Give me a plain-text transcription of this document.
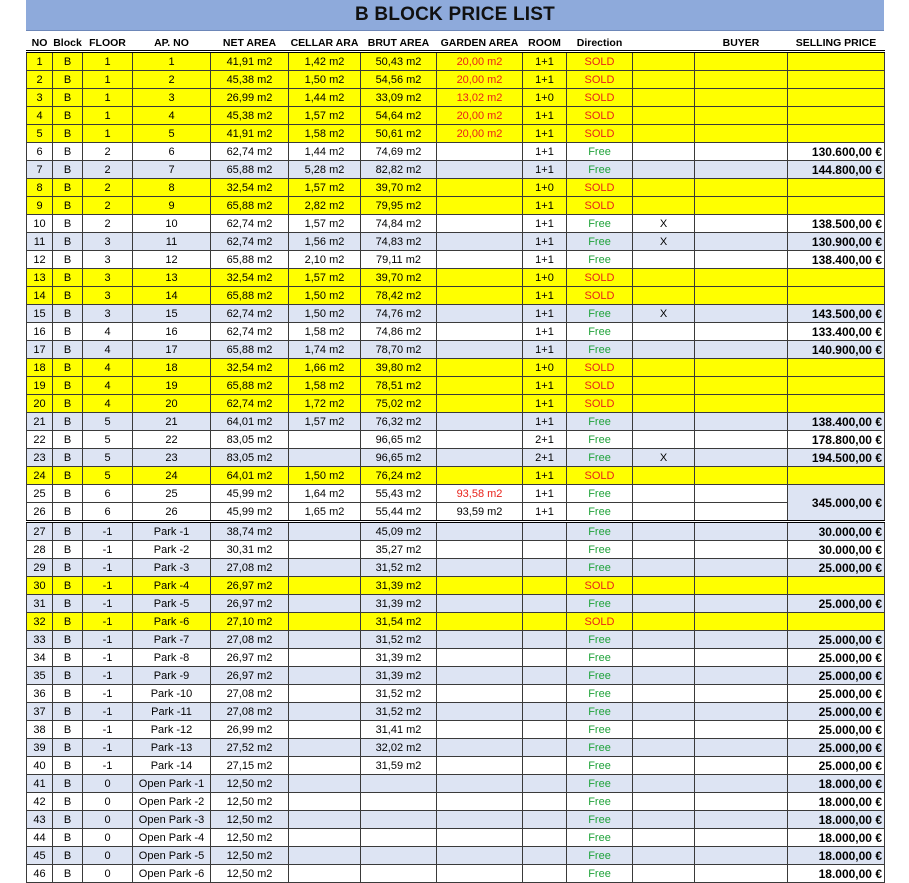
B BLOCK PRICE LIST
NO	Block	FLOOR	AP. NO	NET AREA	CELLAR ARA	BRUT AREA	GARDEN AREA	ROOM	Direction		BUYER	SELLING PRICE
1	B	1	1	41,91 m2	1,42 m2	50,43 m2	20,00 m2	1+1	SOLD			
2	B	1	2	45,38 m2	1,50 m2	54,56 m2	20,00 m2	1+1	SOLD			
3	B	1	3	26,99 m2	1,44 m2	33,09 m2	13,02 m2	1+0	SOLD			
4	B	1	4	45,38 m2	1,57 m2	54,64 m2	20,00 m2	1+1	SOLD			
5	B	1	5	41,91 m2	1,58 m2	50,61 m2	20,00 m2	1+1	SOLD			
6	B	2	6	62,74 m2	1,44 m2	74,69 m2		1+1	Free			130.600,00 €
7	B	2	7	65,88 m2	5,28 m2	82,82 m2		1+1	Free			144.800,00 €
8	B	2	8	32,54 m2	1,57 m2	39,70 m2		1+0	SOLD			
9	B	2	9	65,88 m2	2,82 m2	79,95 m2		1+1	SOLD			
10	B	2	10	62,74 m2	1,57 m2	74,84 m2		1+1	Free	X		138.500,00 €
11	B	3	11	62,74 m2	1,56 m2	74,83 m2		1+1	Free	X		130.900,00 €
12	B	3	12	65,88 m2	2,10 m2	79,11 m2		1+1	Free			138.400,00 €
13	B	3	13	32,54 m2	1,57 m2	39,70 m2		1+0	SOLD			
14	B	3	14	65,88 m2	1,50 m2	78,42 m2		1+1	SOLD			
15	B	3	15	62,74 m2	1,50 m2	74,76 m2		1+1	Free	X		143.500,00 €
16	B	4	16	62,74 m2	1,58 m2	74,86 m2		1+1	Free			133.400,00 €
17	B	4	17	65,88 m2	1,74 m2	78,70 m2		1+1	Free			140.900,00 €
18	B	4	18	32,54 m2	1,66 m2	39,80 m2		1+0	SOLD			
19	B	4	19	65,88 m2	1,58 m2	78,51 m2		1+1	SOLD			
20	B	4	20	62,74 m2	1,72 m2	75,02 m2		1+1	SOLD			
21	B	5	21	64,01 m2	1,57 m2	76,32 m2		1+1	Free			138.400,00 €
22	B	5	22	83,05 m2		96,65 m2		2+1	Free			178.800,00 €
23	B	5	23	83,05 m2		96,65 m2		2+1	Free	X		194.500,00 €
24	B	5	24	64,01 m2	1,50 m2	76,24 m2		1+1	SOLD			
25	B	6	25	45,99 m2	1,64 m2	55,43 m2	93,58 m2	1+1	Free			345.000,00 €
26	B	6	26	45,99 m2	1,65 m2	55,44 m2	93,59 m2	1+1	Free			
27	B	-1	Park -1	38,74 m2		45,09 m2			Free			30.000,00 €
28	B	-1	Park -2	30,31 m2		35,27 m2			Free			30.000,00 €
29	B	-1	Park -3	27,08 m2		31,52 m2			Free			25.000,00 €
30	B	-1	Park -4	26,97 m2		31,39 m2			SOLD			
31	B	-1	Park -5	26,97 m2		31,39 m2			Free			25.000,00 €
32	B	-1	Park -6	27,10 m2		31,54 m2			SOLD			
33	B	-1	Park -7	27,08 m2		31,52 m2			Free			25.000,00 €
34	B	-1	Park -8	26,97 m2		31,39 m2			Free			25.000,00 €
35	B	-1	Park -9	26,97 m2		31,39 m2			Free			25.000,00 €
36	B	-1	Park -10	27,08 m2		31,52 m2			Free			25.000,00 €
37	B	-1	Park -11	27,08 m2		31,52 m2			Free			25.000,00 €
38	B	-1	Park -12	26,99 m2		31,41 m2			Free			25.000,00 €
39	B	-1	Park -13	27,52 m2		32,02 m2			Free			25.000,00 €
40	B	-1	Park -14	27,15 m2		31,59 m2			Free			25.000,00 €
41	B	0	Open Park -1	12,50 m2					Free			18.000,00 €
42	B	0	Open Park -2	12,50 m2					Free			18.000,00 €
43	B	0	Open Park -3	12,50 m2					Free			18.000,00 €
44	B	0	Open Park -4	12,50 m2					Free			18.000,00 €
45	B	0	Open Park -5	12,50 m2					Free			18.000,00 €
46	B	0	Open Park -6	12,50 m2					Free			18.000,00 €
